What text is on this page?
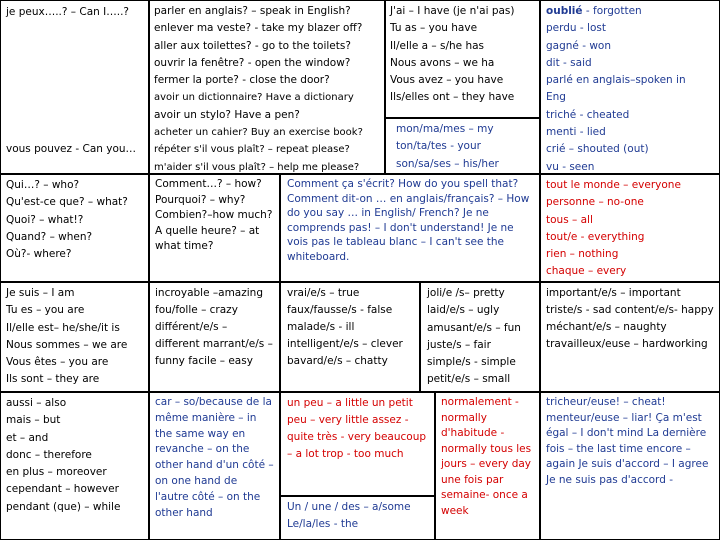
je peux…..? – Can I…..?
vous pouvez - Can you…
parler en anglais? – speak in English?
enlever ma veste? - take my blazer off?
aller aux toilettes? - go to the toilets?
ouvrir la fenêtre? - open the window?
fermer la porte? - close the door?
avoir un dictionnaire? Have a dictionary
avoir un stylo? Have a pen?
acheter un cahier? Buy an exercise book?
répéter s'il vous plaît? – repeat please?
m'aider s'il vous plaît? – help me please?
J'ai – I have (je n'ai pas)
Tu as – you have
Il/elle a – s/he has
Nous avons – we ha
Vous avez – you have
Ils/elles ont – they have
mon/ma/mes – my
ton/ta/tes - your
son/sa/ses – his/her
oublié - forgotten
perdu - lost
gagné - won
dit - said
parlé en anglais–spoken in
Eng
triché - cheated
menti - lied
crié – shouted (out)
vu - seen
Qui…? – who?
Qu'est-ce que? – what?
Quoi? – what!?
Quand? – when?
Où?- where?
Comment…? – how? Pourquoi? – why? Combien?–how much? A quelle heure? – at what time?
Comment ça s'écrit? How do you spell that? Comment dit-on … en anglais/français? – How do you say … in English/ French? Je ne comprends pas! – I don't understand! Je ne vois pas le tableau blanc – I can't see the whiteboard.
tout le monde – everyone
personne – no-one
tous – all
tout/e - everything
rien – nothing
chaque – every
Je suis – I am
Tu es – you are
Il/elle est– he/she/it is
Nous sommes – we are
Vous êtes – you are
Ils sont – they are
incroyable –amazing fou/folle – crazy différent/e/s – different marrant/e/s – funny facile – easy
vrai/e/s – true faux/fausse/s - false malade/s - ill intelligent/e/s – clever bavard/e/s – chatty
joli/e /s– pretty
laid/e/s – ugly
amusant/e/s – fun
juste/s – fair
simple/s - simple
petit/e/s – small
important/e/s – important triste/s - sad content/e/s- happy méchant/e/s – naughty travailleux/euse – hardworking
aussi – also
mais – but
et – and
donc – therefore
en plus – moreover
cependant – however
pendant (que) – while
car – so/because de la même manière – in the same way en revanche – on the other hand d'un côté – on one hand de l'autre côté – on the other hand
un peu – a little un petit peu – very little assez - quite très - very beaucoup – a lot trop - too much
Un / une / des – a/some Le/la/les - the
normalement - normally d'habitude - normally tous les jours – every day une fois par semaine- once a week
tricheur/euse! – cheat! menteur/euse – liar! Ça m'est égal – I don't mind La dernière fois – the last time encore – again Je suis d'accord – I agree Je ne suis pas d'accord -
